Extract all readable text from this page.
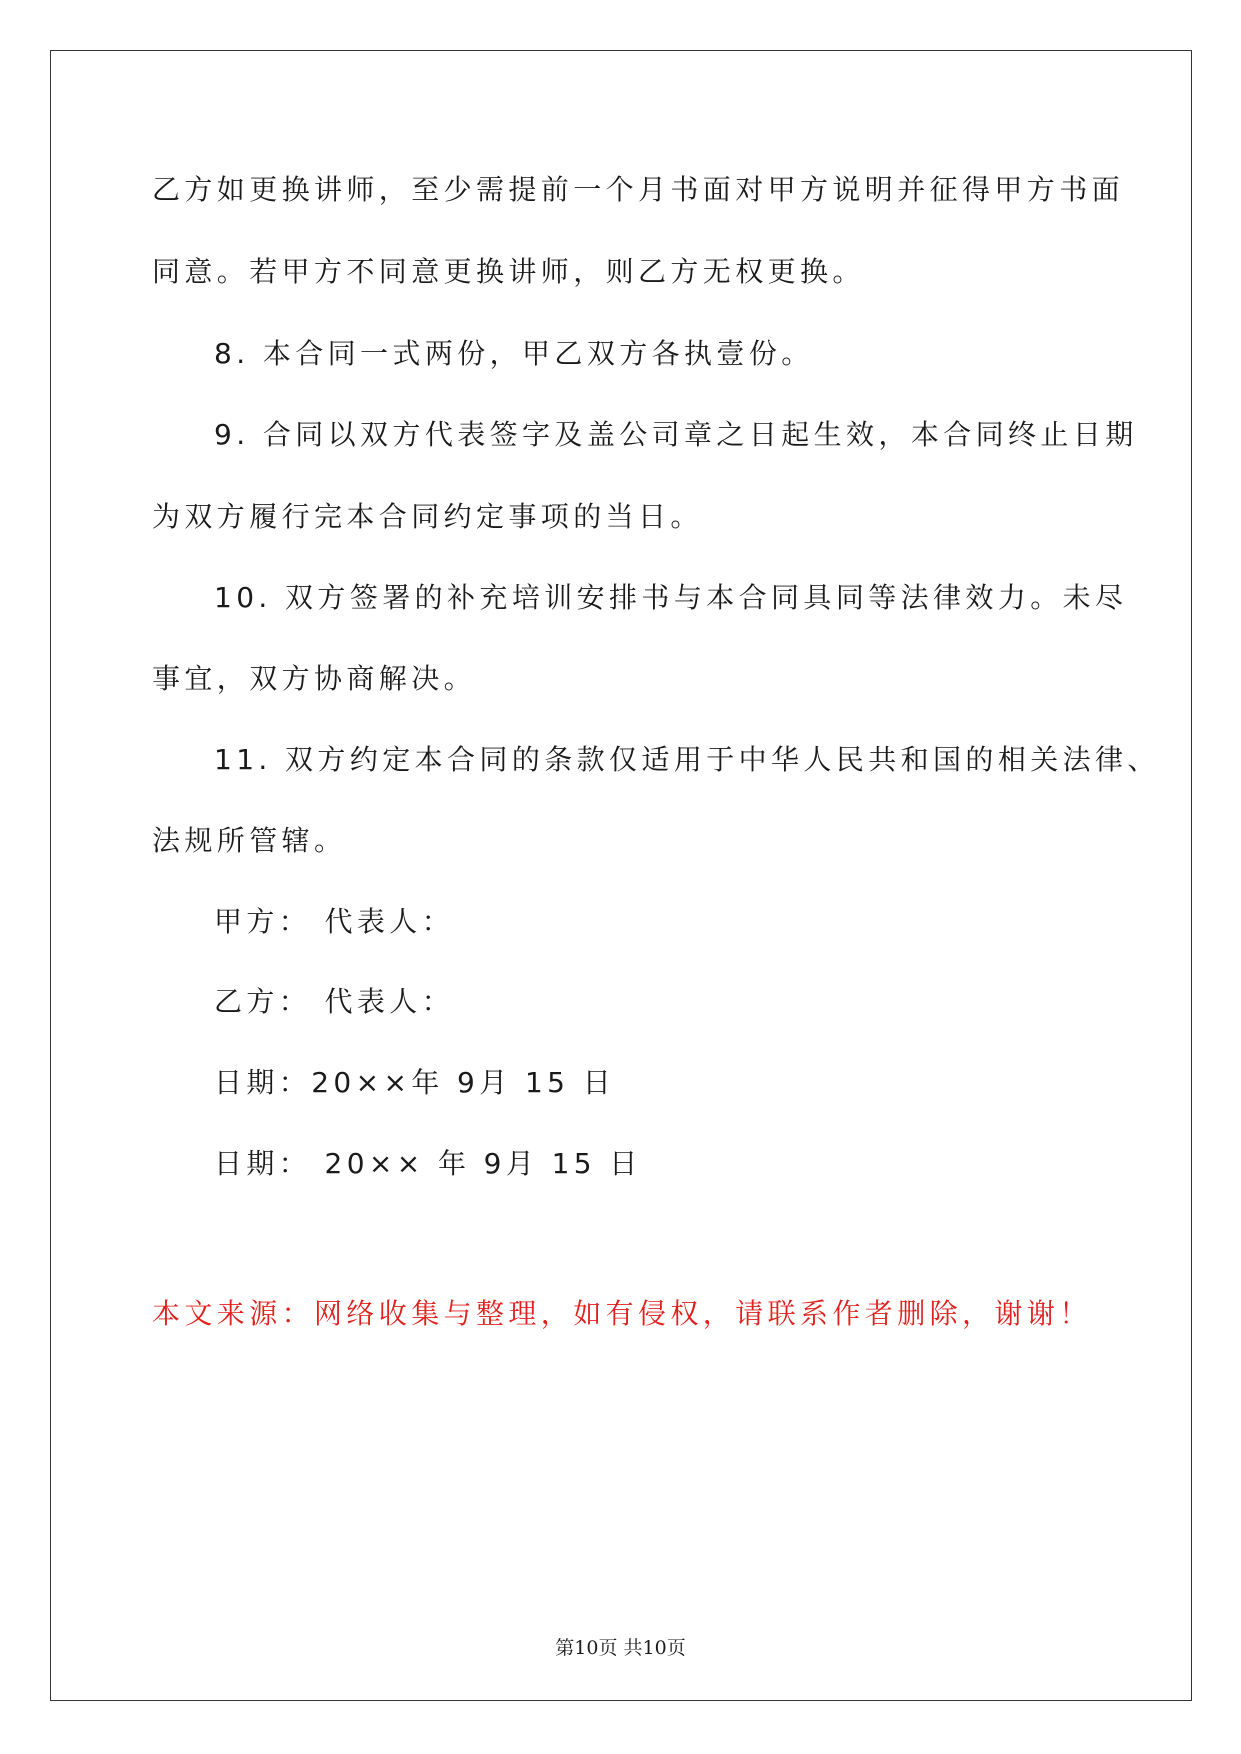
乙方如更换讲师，至少需提前一个月书面对甲方说明并征得甲方书面
同意。若甲方不同意更换讲师，则乙方无权更换。
8. 本合同一式两份，甲乙双方各执壹份。
9. 合同以双方代表签字及盖公司章之日起生效，本合同终止日期
为双方履行完本合同约定事项的当日。
10. 双方签署的补充培训安排书与本合同具同等法律效力。未尽
事宜，双方协商解决。
11. 双方约定本合同的条款仅适用于中华人民共和国的相关法律、
法规所管辖。
甲方： 代表人：
乙方： 代表人：
日期：20××年 9月 15 日
日期： 20×× 年 9月 15 日
本文来源：网络收集与整理，如有侵权，请联系作者删除，谢谢！
第10页 共10页
